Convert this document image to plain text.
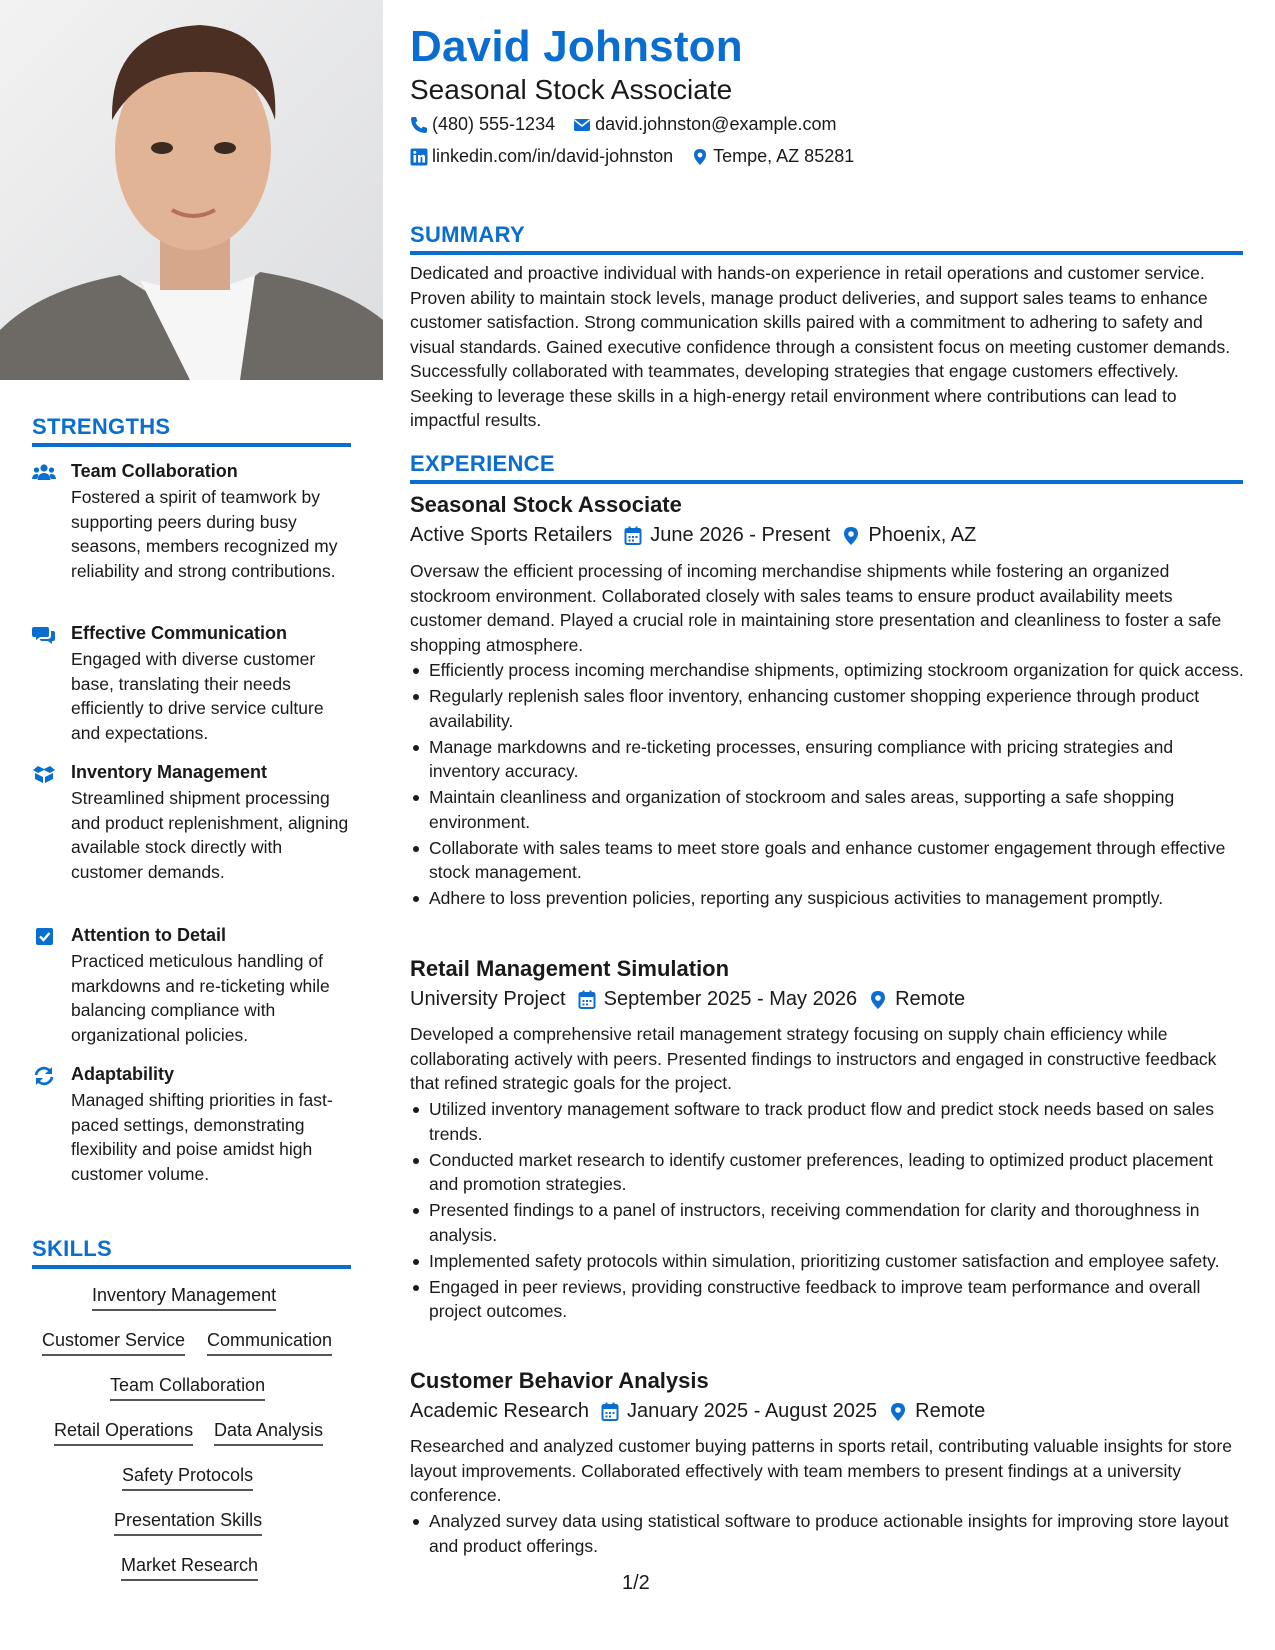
STRENGTHS
Team Collaboration
Fostered a spirit of teamwork by supporting peers during busy seasons, members recognized my reliability and strong contributions.
Effective Communication
Engaged with diverse customer base, translating their needs efficiently to drive service culture and expectations.
Inventory Management
Streamlined shipment processing and product replenishment, aligning available stock directly with customer demands.
Attention to Detail
Practiced meticulous handling of markdowns and re-ticketing while balancing compliance with organizational policies.
Adaptability
Managed shifting priorities in fast-paced settings, demonstrating flexibility and poise amidst high customer volume.
SKILLS
Inventory Management
Customer Service Communication
Team Collaboration
Retail Operations Data Analysis
Safety Protocols
Presentation Skills
Market Research
David Johnston
Seasonal Stock Associate
(480) 555-1234 david.johnston@example.com
linkedin.com/in/david-johnston Tempe, AZ 85281
SUMMARY
Dedicated and proactive individual with hands-on experience in retail operations and customer service. Proven ability to maintain stock levels, manage product deliveries, and support sales teams to enhance customer satisfaction. Strong communication skills paired with a commitment to adhering to safety and visual standards. Gained executive confidence through a consistent focus on meeting customer demands. Successfully collaborated with teammates, developing strategies that engage customers effectively. Seeking to leverage these skills in a high-energy retail environment where contributions can lead to impactful results.
EXPERIENCE
Seasonal Stock Associate
Active Sports Retailers June 2026 - Present Phoenix, AZ
Oversaw the efficient processing of incoming merchandise shipments while fostering an organized stockroom environment. Collaborated closely with sales teams to ensure product availability meets customer demand. Played a crucial role in maintaining store presentation and cleanliness to foster a safe shopping atmosphere.
Efficiently process incoming merchandise shipments, optimizing stockroom organization for quick access.
Regularly replenish sales floor inventory, enhancing customer shopping experience through product availability.
Manage markdowns and re-ticketing processes, ensuring compliance with pricing strategies and inventory accuracy.
Maintain cleanliness and organization of stockroom and sales areas, supporting a safe shopping environment.
Collaborate with sales teams to meet store goals and enhance customer engagement through effective stock management.
Adhere to loss prevention policies, reporting any suspicious activities to management promptly.
Retail Management Simulation
University Project September 2025 - May 2026 Remote
Developed a comprehensive retail management strategy focusing on supply chain efficiency while collaborating actively with peers. Presented findings to instructors and engaged in constructive feedback that refined strategic goals for the project.
Utilized inventory management software to track product flow and predict stock needs based on sales trends.
Conducted market research to identify customer preferences, leading to optimized product placement and promotion strategies.
Presented findings to a panel of instructors, receiving commendation for clarity and thoroughness in analysis.
Implemented safety protocols within simulation, prioritizing customer satisfaction and employee safety.
Engaged in peer reviews, providing constructive feedback to improve team performance and overall project outcomes.
Customer Behavior Analysis
Academic Research January 2025 - August 2025 Remote
Researched and analyzed customer buying patterns in sports retail, contributing valuable insights for store layout improvements. Collaborated effectively with team members to present findings at a university conference.
Analyzed survey data using statistical software to produce actionable insights for improving store layout and product offerings.
1/2
